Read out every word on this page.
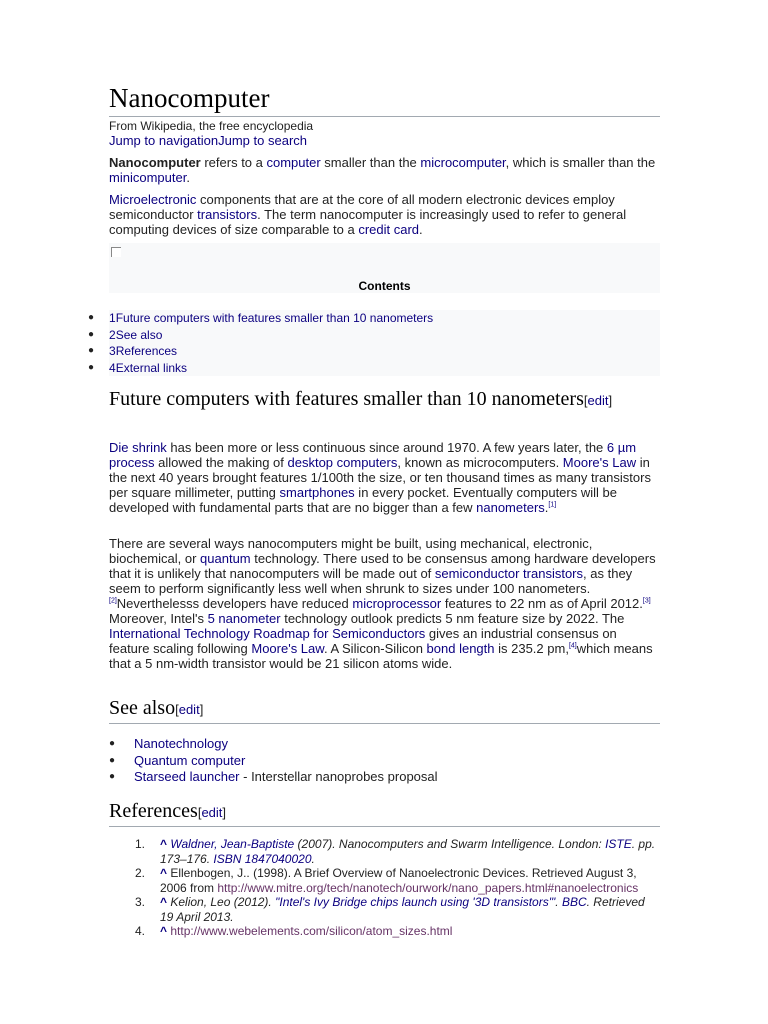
Nanocomputer
From Wikipedia, the free encyclopedia
Jump to navigationJump to search

Nanocomputer refers to a computer smaller than the microcomputer, which is smaller than the minicomputer.

Microelectronic components that are at the core of all modern electronic devices employ semiconductor transistors. The term nanocomputer is increasingly used to refer to general computing devices of size comparable to a credit card.

Contents
● 1Future computers with features smaller than 10 nanometers
● 2See also
● 3References
● 4External links
Future computers with features smaller than 10 nanometers[edit]

Die shrink has been more or less continuous since around 1970. A few years later, the 6 µm process allowed the making of desktop computers, known as microcomputers. Moore's Law in the next 40 years brought features 1/100th the size, or ten thousand times as many transistors per square millimeter, putting smartphones in every pocket. Eventually computers will be developed with fundamental parts that are no bigger than a few nanometers.[1]

There are several ways nanocomputers might be built, using mechanical, electronic, biochemical, or quantum technology. There used to be consensus among hardware developers that it is unlikely that nanocomputers will be made out of semiconductor transistors, as they seem to perform significantly less well when shrunk to sizes under 100 nanometers.[2]Neverthelesss developers have reduced microprocessor features to 22 nm as of April 2012.[3] Moreover, Intel's 5 nanometer technology outlook predicts 5 nm feature size by 2022. The International Technology Roadmap for Semiconductors gives an industrial consensus on feature scaling following Moore's Law. A Silicon-Silicon bond length is 235.2 pm,[4]which means that a 5 nm-width transistor would be 21 silicon atoms wide.

See also[edit]
● Nanotechnology
● Quantum computer
● Starseed launcher - Interstellar nanoprobes proposal
References[edit]
1. ^ Waldner, Jean-Baptiste (2007). Nanocomputers and Swarm Intelligence. London: ISTE. pp. 173–176. ISBN 1847040020.
2. ^ Ellenbogen, J.. (1998). A Brief Overview of Nanoelectronic Devices. Retrieved August 3, 2006 from http://www.mitre.org/tech/nanotech/ourwork/nano_papers.html#nanoelectronics
3. ^ Kelion, Leo (2012). "Intel's Ivy Bridge chips launch using '3D transistors'". BBC. Retrieved 19 April 2013.
4. ^ http://www.webelements.com/silicon/atom_sizes.html
